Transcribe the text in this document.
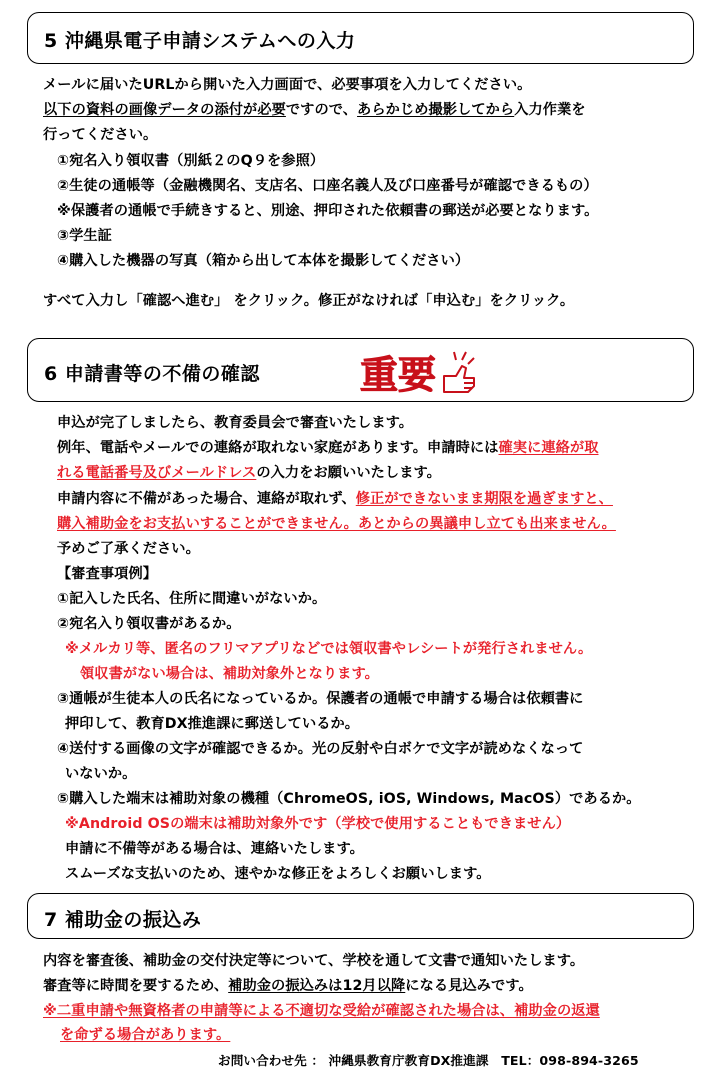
5 沖縄県電子申請システムへの入力
メールに届いたURLから開いた入力画面で、必要事項を入力してください。
以下の資料の画像データの添付が必要ですので、あらかじめ撮影してから入力作業を
行ってください。
①宛名入り領収書（別紙２のQ９を参照）
②生徒の通帳等（金融機関名、支店名、口座名義人及び口座番号が確認できるもの）
※保護者の通帳で手続きすると、別途、押印された依頼書の郵送が必要となります。
③学生証
④購入した機器の写真（箱から出して本体を撮影してください）
すべて入力し「確認へ進む」 をクリック。修正がなければ「申込む」をクリック。
6 申請書等の不備の確認	重要
申込が完了しましたら、教育委員会で審査いたします。
例年、電話やメールでの連絡が取れない家庭があります。申請時には確実に連絡が取
れる電話番号及びメールドレスの入力をお願いいたします。
申請内容に不備があった場合、連絡が取れず、修正ができないまま期限を過ぎますと、
購入補助金をお支払いすることができません。あとからの異議申し立ても出来ません。
予めご了承ください。
【審査事項例】
①記入した氏名、住所に間違いがないか。
②宛名入り領収書があるか。
※メルカリ等、匿名のフリマアプリなどでは領収書やレシートが発行されません。
領収書がない場合は、補助対象外となります。
③通帳が生徒本人の氏名になっているか。保護者の通帳で申請する場合は依頼書に
押印して、教育DX推進課に郵送しているか。
④送付する画像の文字が確認できるか。光の反射や白ボケで文字が読めなくなって
いないか。
⑤購入した端末は補助対象の機種（ChromeOS, iOS, Windows, MacOS）であるか。
※Android OSの端末は補助対象外です（学校で使用することもできません）
申請に不備等がある場合は、連絡いたします。
スムーズな支払いのため、速やかな修正をよろしくお願いします。
7 補助金の振込み
内容を審査後、補助金の交付決定等について、学校を通して文書で通知いたします。
審査等に時間を要するため、補助金の振込みは12月以降になる見込みです。
※二重申請や無資格者の申請等による不適切な受給が確認された場合は、補助金の返還
を命ずる場合があります。
お問い合わせ先 ： 沖縄県教育庁教育DX推進課　TEL：098-894-3265
